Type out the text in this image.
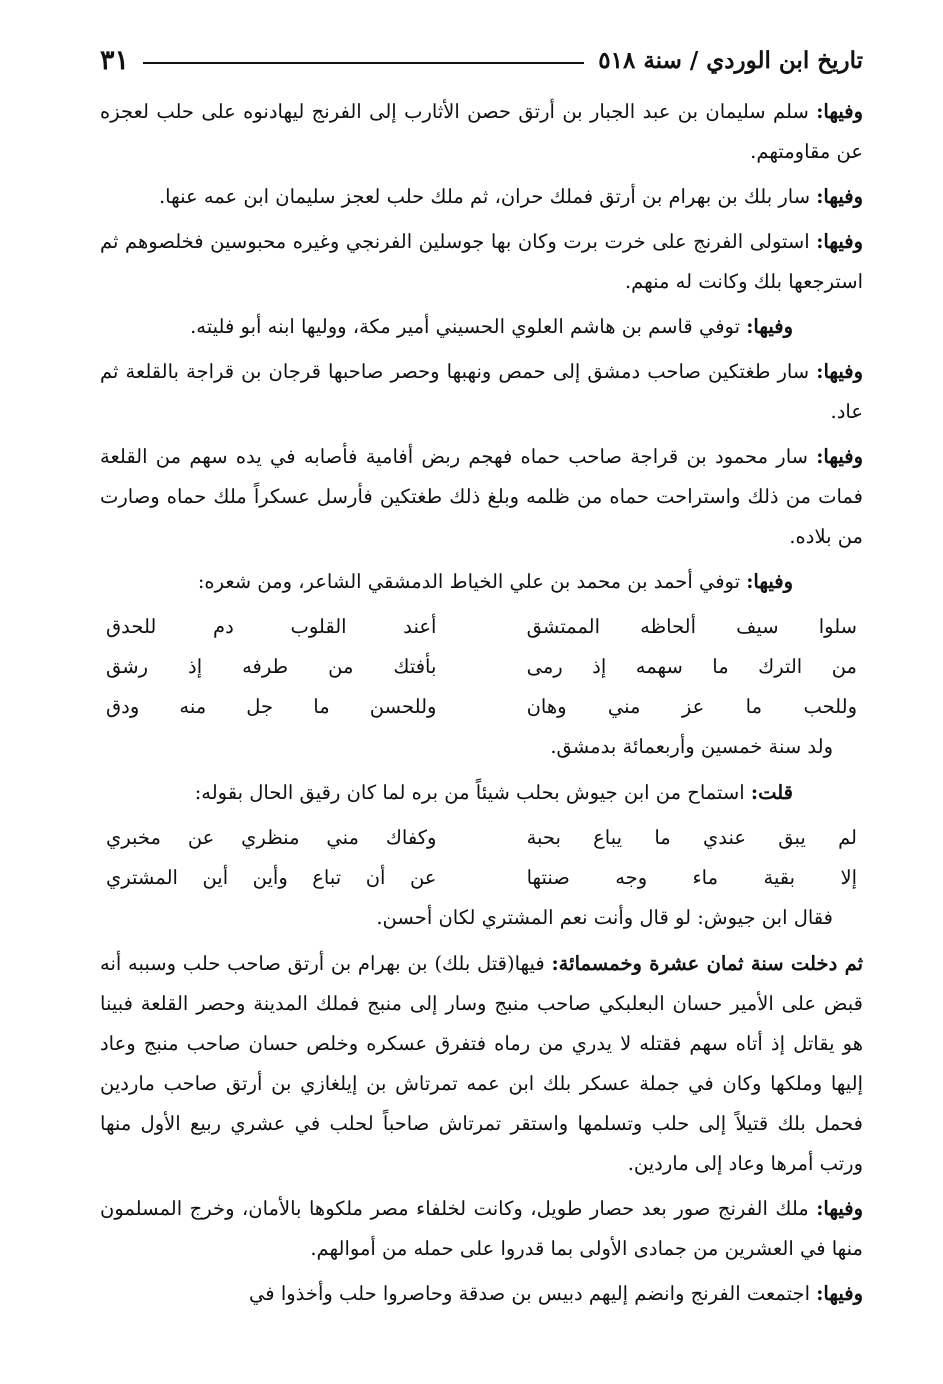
تاريخ ابن الوردي / سنة ٥١٨
٣١

وفيها: سلم سليمان بن عبد الجبار بن أرتق حصن الأثارب إلى الفرنج ليهادنوه على حلب لعجزه عن مقاومتهم.

وفيها: سار بلك بن بهرام بن أرتق فملك حران، ثم ملك حلب لعجز سليمان ابن عمه عنها.

وفيها: استولى الفرنج على خرت برت وكان بها جوسلين الفرنجي وغيره محبوسين فخلصوهم ثم استرجعها بلك وكانت له منهم.

وفيها: توفي قاسم بن هاشم العلوي الحسيني أمير مكة، ووليها ابنه أبو فليته.

وفيها: سار طغتكين صاحب دمشق إلى حمص ونهبها وحصر صاحبها قرجان بن قراجة بالقلعة ثم عاد.

وفيها: سار محمود بن قراجة صاحب حماه فهجم ربض أفامية فأصابه في يده سهم من القلعة فمات من ذلك واستراحت حماه من ظلمه وبلغ ذلك طغتكين فأرسل عسكراً ملك حماه وصارت من بلاده.

وفيها: توفي أحمد بن محمد بن علي الخياط الدمشقي الشاعر، ومن شعره:

سلوا سيف ألحاظه الممتشق
أعند القلوب دم للحدق
من الترك ما سهمه إذ رمى
بأفتك من طرفه إذ رشق
وللحب ما عز مني وهان
وللحسن ما جل منه ودق

ولد سنة خمسين وأربعمائة بدمشق.

قلت: استماح من ابن جيوش بحلب شيئاً من بره لما كان رقيق الحال بقوله:

لم يبق عندي ما يباع بحبة
وكفاك مني منظري عن مخبري
إلا بقية ماء وجه صنتها
عن أن تباع وأين أين المشتري

فقال ابن جيوش: لو قال وأنت نعم المشتري لكان أحسن.

ثم دخلت سنة ثمان عشرة وخمسمائة: فيها(قتل بلك) بن بهرام بن أرتق صاحب حلب وسببه أنه قبض على الأمير حسان البعلبكي صاحب منبج وسار إلى منبج فملك المدينة وحصر القلعة فبينا هو يقاتل إذ أتاه سهم فقتله لا يدري من رماه فتفرق عسكره وخلص حسان صاحب منبج وعاد إليها وملكها وكان في جملة عسكر بلك ابن عمه تمرتاش بن إيلغازي بن أرتق صاحب ماردين فحمل بلك قتيلاً إلى حلب وتسلمها واستقر تمرتاش صاحباً لحلب في عشري ربيع الأول منها ورتب أمرها وعاد إلى ماردين.

وفيها: ملك الفرنج صور بعد حصار طويل، وكانت لخلفاء مصر ملكوها بالأمان، وخرج المسلمون منها في العشرين من جمادى الأولى بما قدروا على حمله من أموالهم.

وفيها: اجتمعت الفرنج وانضم إليهم دبيس بن صدقة وحاصروا حلب وأخذوا في
